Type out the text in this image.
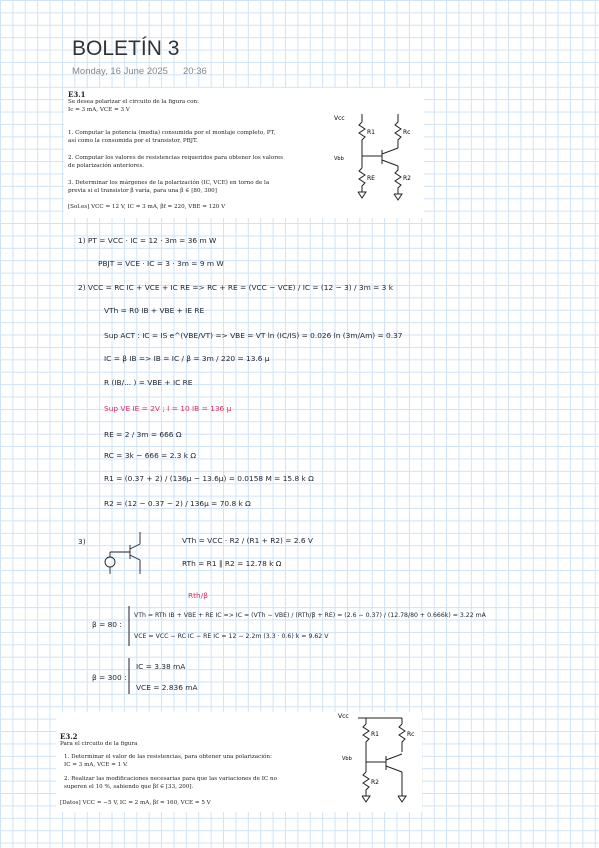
BOLETÍN 3
Monday, 16 June 2025 20:36
E3.1
Se desea polarizar el circuito de la figura con:
Ic = 3 mA, VCE = 3 V
1. Computar la potencia (media) consumida por el montaje completo, PT,
así como la consumida por el transistor, PBJT.
2. Computar los valores de resistencias requeridos para obtener los valores
de polarización anteriores.
3. Determinar los márgenes de la polarización (IC, VCE) en torno de la
previa si el transistor β varía, para una β ∈ [80, 300]
[Sol.es] VCC = 12 V, IC = 3 mA, βf = 220, VBE = 120 V
Vcc
R1	Rc
Vbb
RE	R2
1) PT = VCC · IC = 12 · 3m = 36 m W
PBJT = VCE · IC = 3 · 3m = 9 m W
2) VCC = RC IC + VCE + IC RE => RC + RE = (VCC − VCE) / IC = (12 − 3) / 3m = 3 k
VTh = R0 IB + VBE + IE RE
Sup ACT : IC = IS e^(VBE/VT) => VBE = VT ln (IC/IS) = 0.026 ln (3m/Am) = 0.37
IC = β IB => IB = IC / β = 3m / 220 = 13.6 μ
R (IB/... ) = VBE + IC RE
Sup VE IE = 2V ; I = 10 IB = 136 μ
RE = 2 / 3m = 666 Ω
RC = 3k − 666 = 2.3 k Ω
R1 = (0.37 + 2) / (136μ − 13.6μ) = 0.0158 M = 15.8 k Ω
R2 = (12 − 0.37 − 2) / 136μ = 70.8 k Ω
3)	VTh = VCC · R2 / (R1 + R2) = 2.6 V
RTh = R1 ∥ R2 = 12.78 k Ω
Rth/β
β = 80 :
VTh = RTh IB + VBE + RE IC => IC = (VTh − VBE) / (RTh/β + RE) = (2.6 − 0.37) / (12.78/80 + 0.666k) = 3.22 mA
VCE = VCC − RC IC − RE IC = 12 − 2.2m (3.3 · 0.6) k = 9.62 V
β = 300 :
IC = 3.38 mA
VCE = 2.836 mA
E3.2
Para el circuito de la figura
1. Determinar el valor de las resistencias, para obtener una polarización:
IC = 3 mA, VCE = 1 V.
2. Realizar las modificaciones necesarias para que las variaciones de IC no
superen el 10 %, sabiendo que βf ∈ [33, 200].
[Datos] VCC = −5 V, IC = 2 mA, βf = 160, VCE = 5 V
Vcc
R1	Rc
Vbb
R2
